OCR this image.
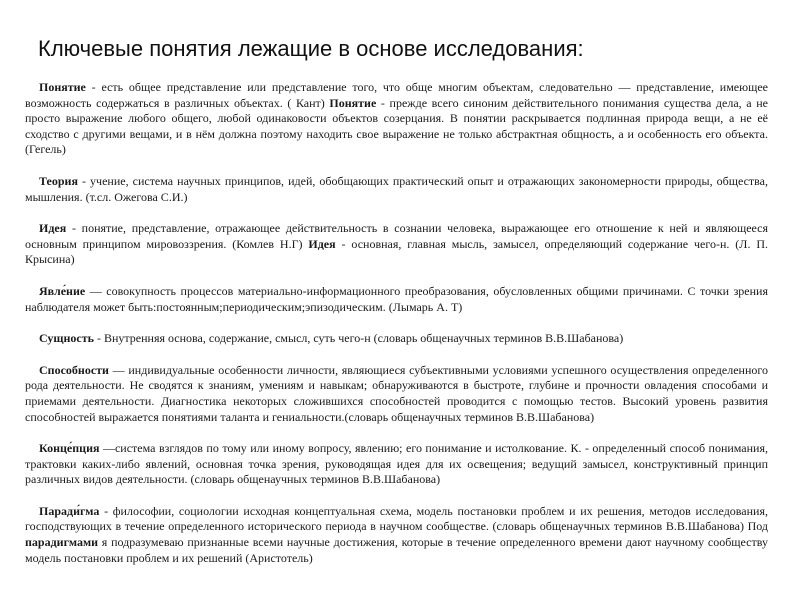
Ключевые понятия лежащие в основе исследования:

Понятие - есть общее представление или представление того, что обще многим объектам, следовательно — представление, имеющее возможность содержаться в различных объектах. ( Кант) Понятие - прежде всего синоним действительного понимания существа дела, а не просто выражение любого общего, любой одинаковости объектов созерцания. В понятии раскрывается подлинная природа вещи, а не её сходство с другими вещами, и в нём должна поэтому находить свое выражение не только абстрактная общность, а и особенность его объекта.(Гегель)

Теория - учение, система научных принципов, идей, обобщающих практический опыт и отражающих закономерности природы, общества, мышления. (т.сл. Ожегова С.И.)

Идея - понятие, представление, отражающее действительность в сознании человека, выражающее его отношение к ней и являющееся основным принципом мировоззрения. (Комлев Н.Г) Идея - основная, главная мысль, замысел, определяющий содержание чего-н. (Л. П. Крысина)

Явле́ние — совокупность процессов материально-информационного преобразования, обусловленных общими причинами. С точки зрения наблюдателя может быть:постоянным;периодическим;эпизодическим. (Лымарь А. Т)

Сущность - Внутренняя основа, содержание, смысл, суть чего-н (словарь общенаучных терминов В.В.Шабанова)

Способности — индивидуальные особенности личности, являющиеся субъективными условиями успешного осуществления определенного рода деятельности. Не сводятся к знаниям, умениям и навыкам; обнаруживаются в быстроте, глубине и прочности овладения способами и приемами деятельности. Диагностика некоторых сложившихся способностей проводится с помощью тестов. Высокий уровень развития способностей выражается понятиями таланта и гениальности.(словарь общенаучных терминов В.В.Шабанова)

Конце́пция —система взглядов по тому или иному вопросу, явлению; его понимание и истолкование. К. - определенный способ понимания, трактовки каких-либо явлений, основная точка зрения, руководящая идея для их освещения; ведущий замысел, конструктивный принцип различных видов деятельности. (словарь общенаучных терминов В.В.Шабанова)

Паради́гма - философии, социологии исходная концептуальная схема, модель постановки проблем и их решения, методов исследования, господствующих в течение определенного исторического периода в научном сообществе. (словарь общенаучных терминов В.В.Шабанова) Под парадигмами я подразумеваю признанные всеми научные достижения, которые в течение определенного времени дают научному сообществу модель постановки проблем и их решений (Аристотель)
